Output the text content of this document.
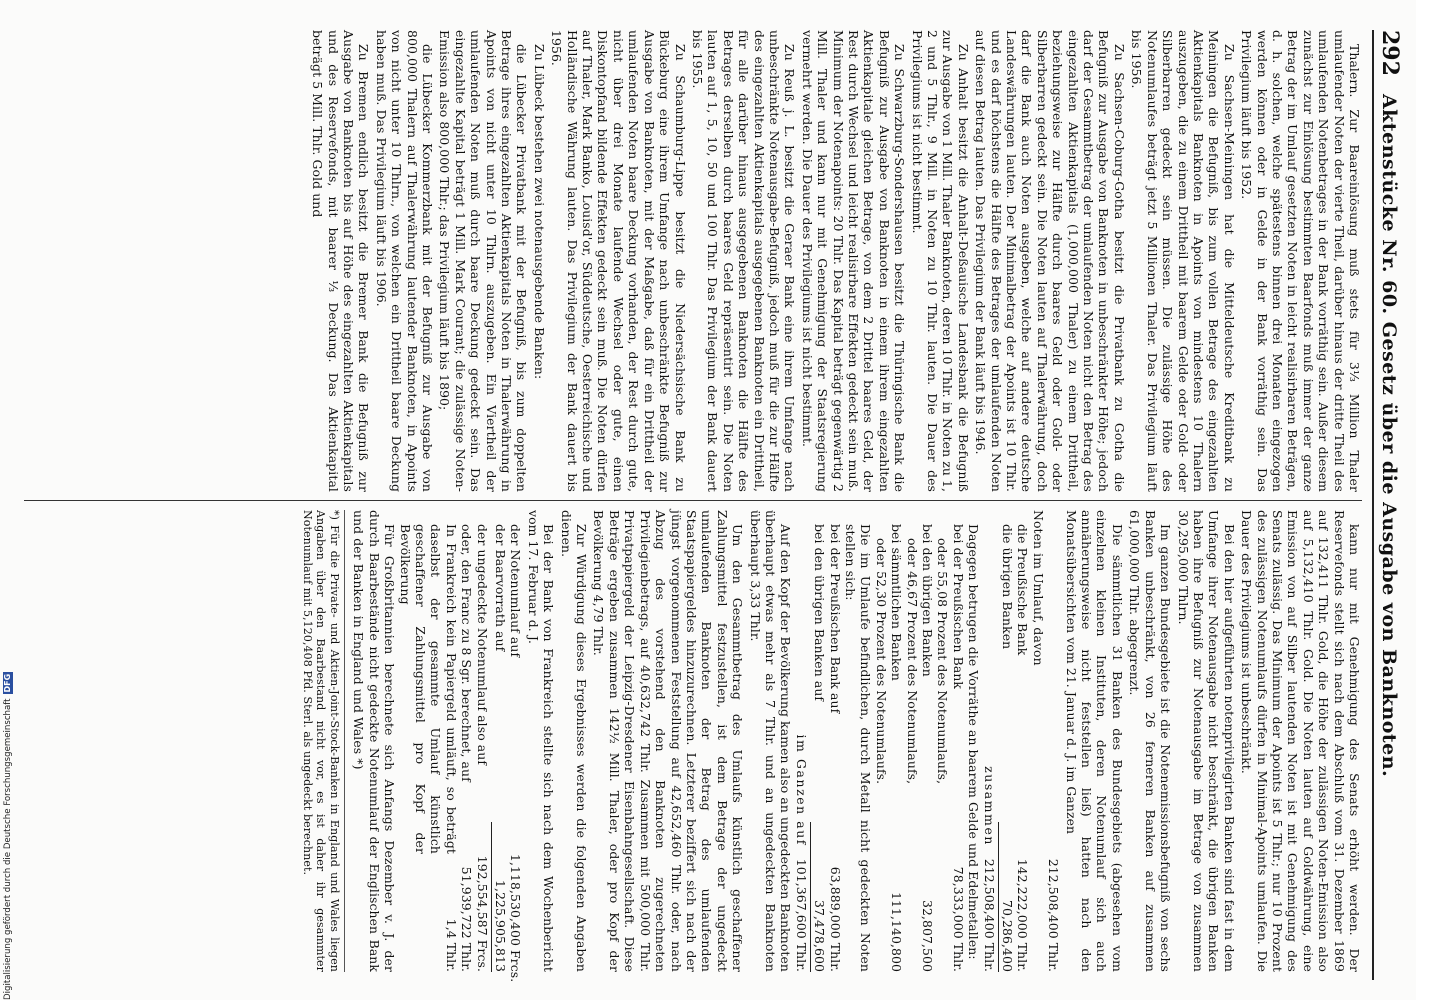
292
Aktenstücke Nr. 60. Gesetz über die Ausgabe von Banknoten.

Thalern. Zur Baareinlösung muß stets für 3⅓ Million Thaler umlaufender Noten der vierte Theil, darüber hinaus der dritte Theil des umlaufenden Notenbetrages in der Bank vorräthig sein. Außer diesem zunächst zur Einlösung bestimmten Baarfonds muß immer der ganze Betrag der im Umlauf gesetzten Noten in leicht realisirbaren Beträgen, d. h. solchen, welche spätestens binnen drei Monaten eingezogen werden können oder in Gelde in der Bank vorräthig sein. Das Privilegium läuft bis 1952.

Zu Sachsen-Meiningen hat die Mitteldeutsche Kreditbank zu Meiningen die Befugniß, bis zum vollen Betrage des eingezahlten Aktienkapitals Banknoten in Apoints von mindestens 10 Thalern auszugeben, die zu einem Drittheil mit baarem Gelde oder Gold- oder Silberbarren gedeckt sein müssen. Die zulässige Höhe des Notenumlaufes beträgt jetzt 5 Millionen Thaler. Das Privilegium läuft bis 1956.

Zu Sachsen-Coburg-Gotha besitzt die Privatbank zu Gotha die Befugniß zur Ausgabe von Banknoten in unbeschränkter Höhe; jedoch darf der Gesammtbetrag der umlaufenden Noten nicht den Betrag des eingezahlten Aktienkapitals (1,000,000 Thaler) zu einem Drittheil, beziehungsweise zur Hälfte durch baares Geld oder Gold- oder Silberbarren gedeckt sein. Die Noten lauten auf Thalerwährung, doch darf die Bank auch Noten ausgeben, welche auf andere deutsche Landeswährungen lauten. Der Minimalbetrag der Apoints ist 10 Thlr. und es darf höchstens die Hälfte des Betrages der umlaufenden Noten auf diesen Betrag lauten. Das Privilegium der Bank läuft bis 1946.

Zu Anhalt besitzt die Anhalt-Deßauische Landesbank die Befugniß zur Ausgabe von 1 Mill. Thaler Banknoten, deren 10 Thlr. in Noten zu 1, 2 und 5 Thlr., 9 Mill. in Noten zu 10 Thlr. lauten. Die Dauer des Privilegiums ist nicht bestimmt.

Zu Schwarzburg-Sondershausen besitzt die Thüringische Bank die Befugniß zur Ausgabe von Banknoten in einem ihrem eingezahlten Aktienkapitale gleichen Betrage, von dem 2 Drittel baares Geld, der Rest durch Wechsel und leicht realisirbare Effekten gedeckt sein muß. Minimum der Notenapoints: 20 Thlr. Das Kapital beträgt gegenwärtig 2 Mill. Thaler und kann nur mit Genehmigung der Staatsregierung vermehrt werden. Die Dauer des Privilegiums ist nicht bestimmt.

Zu Reuß j. L. besitzt die Geraer Bank eine ihrem Umfange nach unbeschränkte Notenausgabe-Befugniß, jedoch muß für die zur Hälfte des eingezahlten Aktienkapitals ausgegebenen Banknoten ein Drittheil, für alle darüber hinaus ausgegebenen Banknoten die Hälfte des Betrages derselben durch baares Geld repräsentirt sein. Die Noten lauten auf 1, 5, 10, 50 und 100 Thlr. Das Privilegium der Bank dauert bis 1955.

Zu Schaumburg-Lippe besitzt die Niedersächsische Bank zu Bückeburg eine ihrem Umfange nach unbeschränkte Befugniß zur Ausgabe von Banknoten, mit der Maßgabe, daß für ein Drittheil der umlaufenden Noten baare Deckung vorhanden, der Rest durch gute, nicht über drei Monate laufende Wechsel oder gute, einen Diskontopfand bildende Effekten gedeckt sein muß. Die Noten dürfen auf Thaler, Mark Banko, Louisd'or, Süddeutsche, Oesterreichische und Holländische Währung lauten. Das Privilegium der Bank dauert bis 1956.

Zu Lübeck bestehen zwei notenausgebende Banken:

die Lübecker Privatbank mit der Befugniß, bis zum doppelten Betrage ihres eingezahlten Aktienkapitals Noten in Thalerwährung in Apoints von nicht unter 10 Thlrn. auszugeben. Ein Viertheil der umlaufenden Noten muß durch baare Deckung gedeckt sein. Das eingezahlte Kapital beträgt 1 Mill. Mark Courant; die zulässige Noten-Emission also 800,000 Thlr.; das Privilegium läuft bis 1890;

die Lübecker Kommerzbank mit der Befugniß zur Ausgabe von 800,000 Thalern auf Thalerwährung lautender Banknoten, in Apoints von nicht unter 10 Thlrn., von welchen ein Drittheil baare Deckung haben muß. Das Privilegium läuft bis 1906.

Zu Bremen endlich besitzt die Bremer Bank die Befugniß zur Ausgabe von Banknoten bis auf Höhe des eingezahlten Aktienkapitals und des Reservefonds, mit baarer ⅓ Deckung. Das Aktienkapital beträgt 5 Mill. Thlr. Gold und

kann nur mit Genehmigung des Senats erhöht werden. Der Reservefonds stellt sich nach dem Abschluß vom 31. Dezember 1869 auf 132,411 Thlr. Gold, die Höhe der zulässigen Noten-Emission also auf 5,132,410 Thlr. Gold. Die Noten lauten auf Goldwährung, eine Emission von auf Silber lautenden Noten ist mit Genehmigung des Senats zulässig. Das Minimum der Apoints ist 5 Thlr.; nur 10 Prozent des zulässigen Notenumlaufs dürfen in Minimal-Apoints umlaufen. Die Dauer des Privilegiums ist unbeschränkt.

Bei den hier aufgeführten notenprivilegirten Banken sind fast in dem Umfange ihrer Notenausgabe nicht beschränkt, die übrigen Banken haben ihre Befugniß zur Notenausgabe im Betrage von zusammen 30,295,000 Thlrn.

Im ganzen Bundesgebiete ist die Notenemissionsbefugniß von sechs Banken unbeschränkt, von 26 ferneren Banken auf zusammen 61,000,000 Thlr. abgegrenzt.

Die sämmtlichen 31 Banken des Bundesgebiets (abgesehen vom einzelnen kleinen Instituten, deren Notenumlauf sich auch annäherungsweise nicht feststellen ließ) hatten nach den Monatsübersichten vom 21. Januar d. J. im Ganzen

212,508,400 Thlr.
Noten im Umlauf, davon
die Preußische Bank
142,222,000 Thlr.
die übrigen Banken
70,286,400
zusammen
212,508,400 Thlr.
Dagegen betrugen die Vorräthe an baarem Gelde und Edelmetallen:
bei der Preußischen Bank
78,333,000 Thlr.
oder 55,08 Prozent des Notenumlaufs,
bei den übrigen Banken
32,807,500
oder 46,67 Prozent des Notenumlaufs,
bei sämmtlichen Banken
111,140,800
oder 52,30 Prozent des Notenumlaufs.
Die im Umlaufe befindlichen, durch Metall nicht gedeckten Noten stellen sich:
bei der Preußischen Bank auf
63,889,000 Thlr.
bei den übrigen Banken auf
37,478,600
im Ganzen auf
101,367,600 Thlr.

Auf den Kopf der Bevölkerung kamen also an ungedeckten Banknoten überhaupt etwas mehr als 7 Thlr. und an ungedeckten Banknoten überhaupt 3,33 Thlr.

Um den Gesammtbetrag des Umlaufs künstlich geschaffener Zahlungsmittel festzustellen, ist dem Betrage der ungedeckt umlaufenden Banknoten der Betrag des umlaufenden Staatspapiergeldes hinzuzurechnen. Letzterer beziffert sich nach der jüngst vorgenommenen Feststellung auf 42,652,460 Thlr. oder, nach Abzug des vorstehend den Banknoten zugerechneten Privilegienbetrags, auf 40,632,742 Thlr. Zusammen mit 500,000 Thlr. Privatpapiergeld der Leipzig-Dresdener Eisenbahngesellschaft. Diese Beträge ergeben zusammen 142½ Mill. Thaler, oder pro Kopf der Bevölkerung 4,79 Thlr.

Zur Würdigung dieses Ergebnisses werden die folgenden Angaben dienen.

Bei der Bank von Frankreich stellte sich nach dem Wochenbericht vom 17. Februar d. J.

der Notenumlauf auf
1,118,530,400 Frcs.
der Baarvorrath auf
1,225,905,813
der ungedeckte Notenumlauf also auf
192,554,587 Frcs.
oder, den Franc zu 8 Sgr. berechnet, auf
51,939,722 Thlr.
In Frankreich kein Papiergeld umläuft, so beträgt daselbst der gesammte Umlauf künstlich geschaffener Zahlungsmittel pro Kopf der Bevölkerung
1,4 Thlr.

Für Großbritannien berechnete sich Anfangs Dezember v. J. der durch Baarbestände nicht gedeckte Notenumlauf der Englischen Bank und der Banken in England und Wales *)

*) Für die Private- und Aktien-Joint-Stock-Banken in England und Wales liegen Angaben über den Baarbestand nicht vor, es ist daher ihr gesammter Notenumlauf mit 5,120,408 Pfd. Sterl. als ungedeckt berechnet.
Digitalisierung gefördert durch die Deutsche Forschungsgemeinschaft
DFG
